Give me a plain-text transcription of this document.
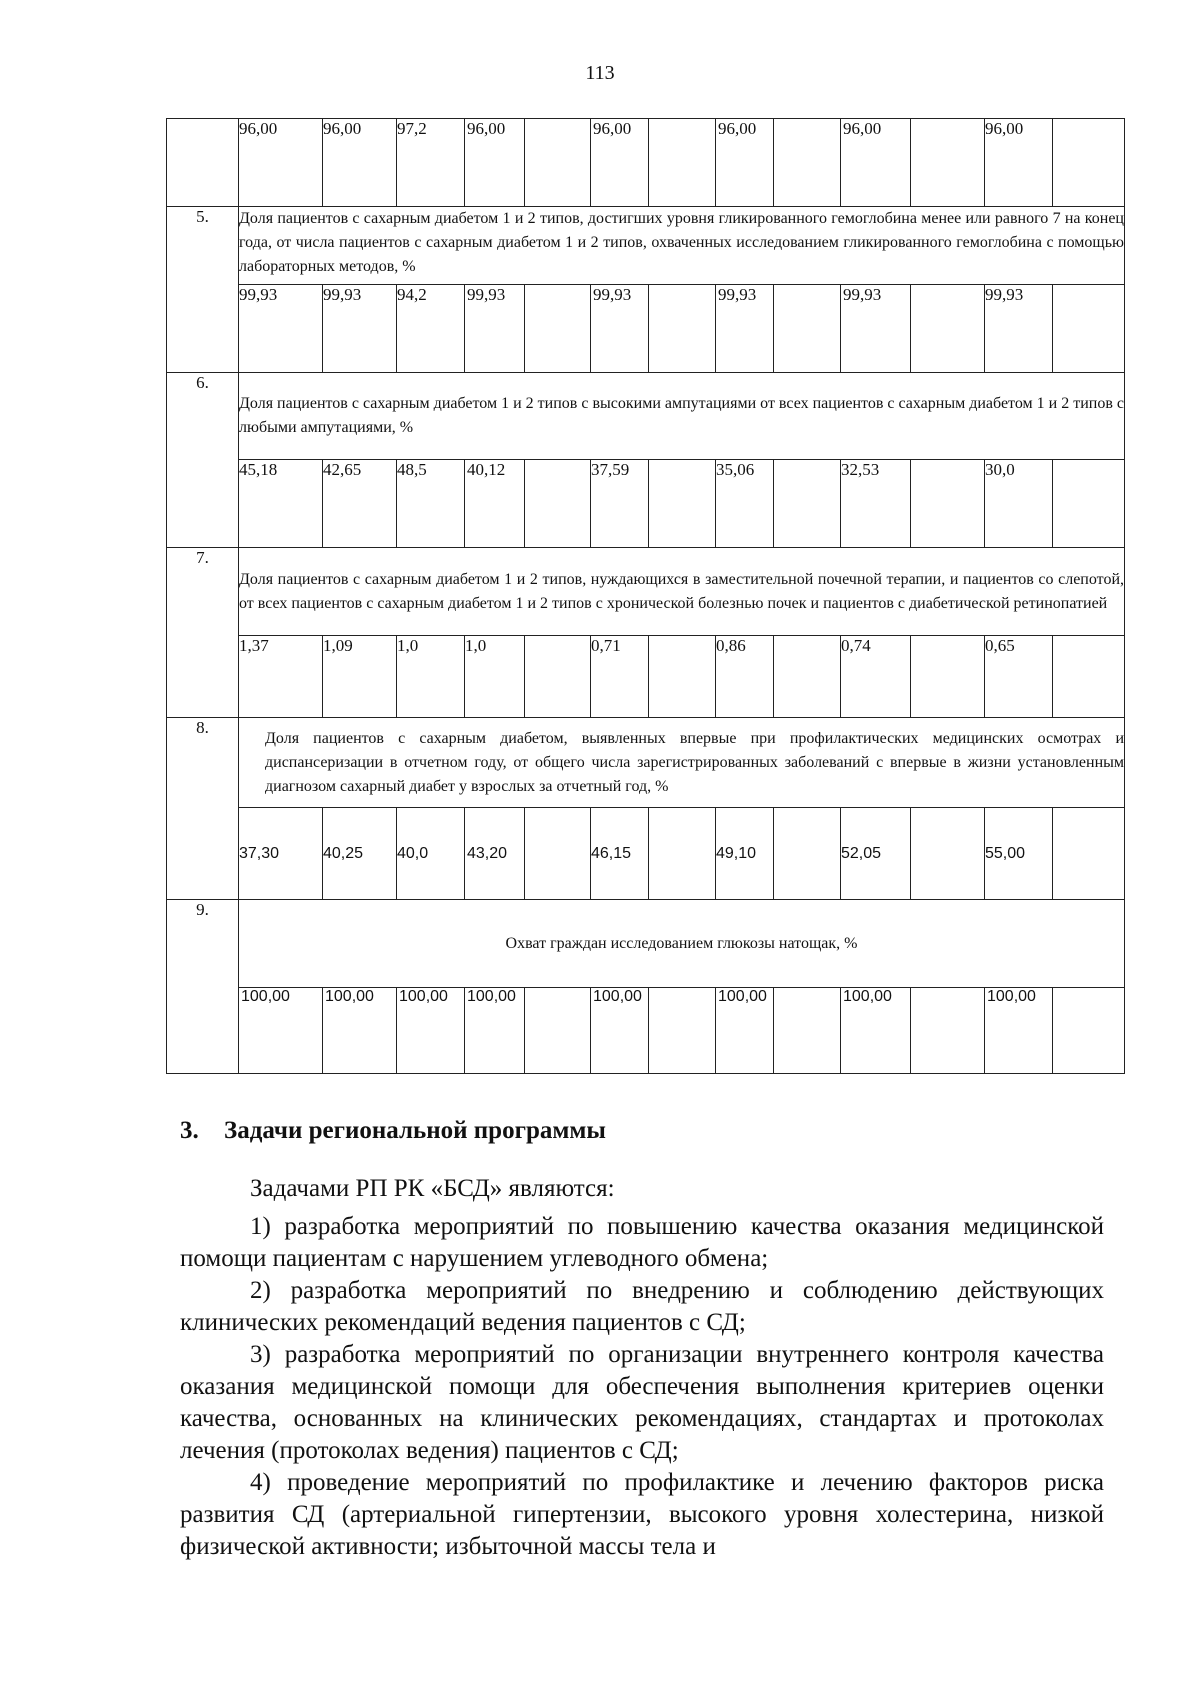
113
	96,00	96,00	97,2	96,00		96,00		96,00		96,00		96,00	
5.	Доля пациентов с сахарным диабетом 1 и 2 типов, достигших уровня гликированного гемоглобина менее или равного 7 на конец года, от числа пациентов с сахарным диабетом 1 и 2 типов, охваченных исследованием гликированного гемоглобина с помощью лабораторных методов, %												
	99,93	99,93	94,2	99,93		99,93		99,93		99,93		99,93	
6.	Доля пациентов с сахарным диабетом 1 и 2 типов с высокими ампутациями от всех пациентов с сахарным диабетом 1 и 2 типов с любыми ампутациями, %												
	45,18	42,65	48,5	40,12		37,59		35,06		32,53		30,0	
7.	Доля пациентов с сахарным диабетом 1 и 2 типов, нуждающихся в заместительной почечной терапии, и пациентов со слепотой, от всех пациентов с сахарным диабетом 1 и 2 типов с хронической болезнью почек и пациентов с диабетической ретинопатией												
	1,37	1,09	1,0	1,0		0,71		0,86		0,74		0,65	
8.	Доля пациентов с сахарным диабетом, выявленных впервые при профилактических медицинских осмотрах и диспансеризации в отчетном году, от общего числа зарегистрированных заболеваний с впервые в жизни установленным диагнозом сахарный диабет у взрослых за отчетный год, %												
	37,30	40,25	40,0	43,20		46,15		49,10		52,05		55,00	
9.	Охват граждан исследованием глюкозы натощак, %												
	100,00	100,00	100,00	100,00		100,00		100,00		100,00		100,00	
3. Задачи региональной программы

Задачами РП РК «БСД» являются:

1) разработка мероприятий по повышению качества оказания медицинской помощи пациентам с нарушением углеводного обмена;

2) разработка мероприятий по внедрению и соблюдению действующих клинических рекомендаций ведения пациентов с СД;

3) разработка мероприятий по организации внутреннего контроля качества оказания медицинской помощи для обеспечения выполнения критериев оценки качества, основанных на клинических рекомендациях, стандартах и протоколах лечения (протоколах ведения) пациентов с СД;

4) проведение мероприятий по профилактике и лечению факторов риска развития СД (артериальной гипертензии, высокого уровня холестерина, низкой физической активности; избыточной массы тела и
